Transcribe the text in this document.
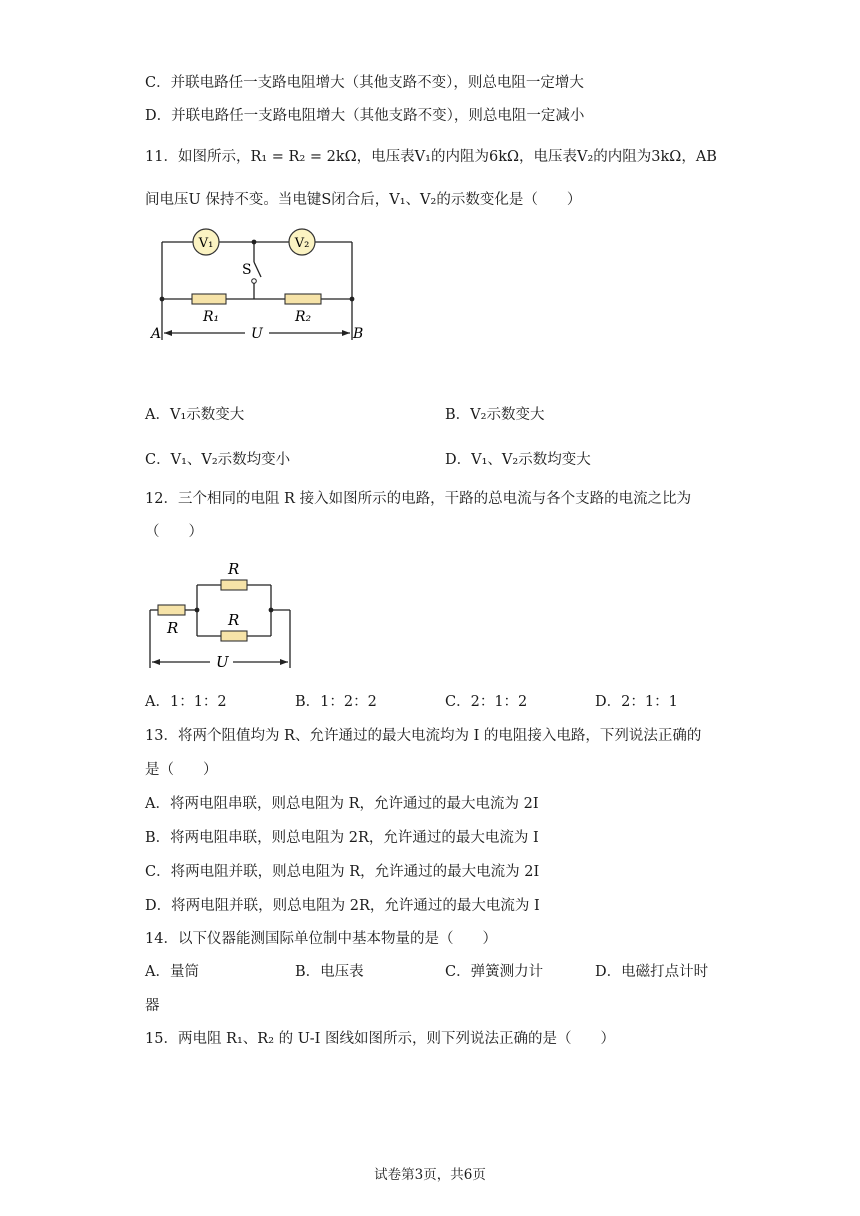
C．并联电路任一支路电阻增大（其他支路不变），则总电阻一定增大
D．并联电路任一支路电阻增大（其他支路不变），则总电阻一定减小
11．如图所示，R₁ = R₂ = 2kΩ，电压表V₁的内阻为6kΩ，电压表V₂的内阻为3kΩ，AB
间电压U 保持不变。当电键S闭合后，V₁、V₂的示数变化是（　　）
V₁	V₂
S
R₁	R₂
A	B
U
A．V₁示数变大	B．V₂示数变大
C．V₁、V₂示数均变小	D．V₁、V₂示数均变大
12．三个相同的电阻 R 接入如图所示的电路，干路的总电流与各个支路的电流之比为
（　　）
R
R
R
U
A．1：1：2	B．1：2：2	C．2：1：2	D．2：1：1
13．将两个阻值均为 R、允许通过的最大电流均为 I 的电阻接入电路，下列说法正确的
是（　　）
A．将两电阻串联，则总电阻为 R，允许通过的最大电流为 2I
B．将两电阻串联，则总电阻为 2R，允许通过的最大电流为 I
C．将两电阻并联，则总电阻为 R，允许通过的最大电流为 2I
D．将两电阻并联，则总电阻为 2R，允许通过的最大电流为 I
14．以下仪器能测国际单位制中基本物量的是（　　）
A．量筒	B．电压表	C．弹簧测力计	D．电磁打点计时
器
15．两电阻 R₁、R₂ 的 U-I 图线如图所示，则下列说法正确的是（　　）
试卷第3页，共6页
